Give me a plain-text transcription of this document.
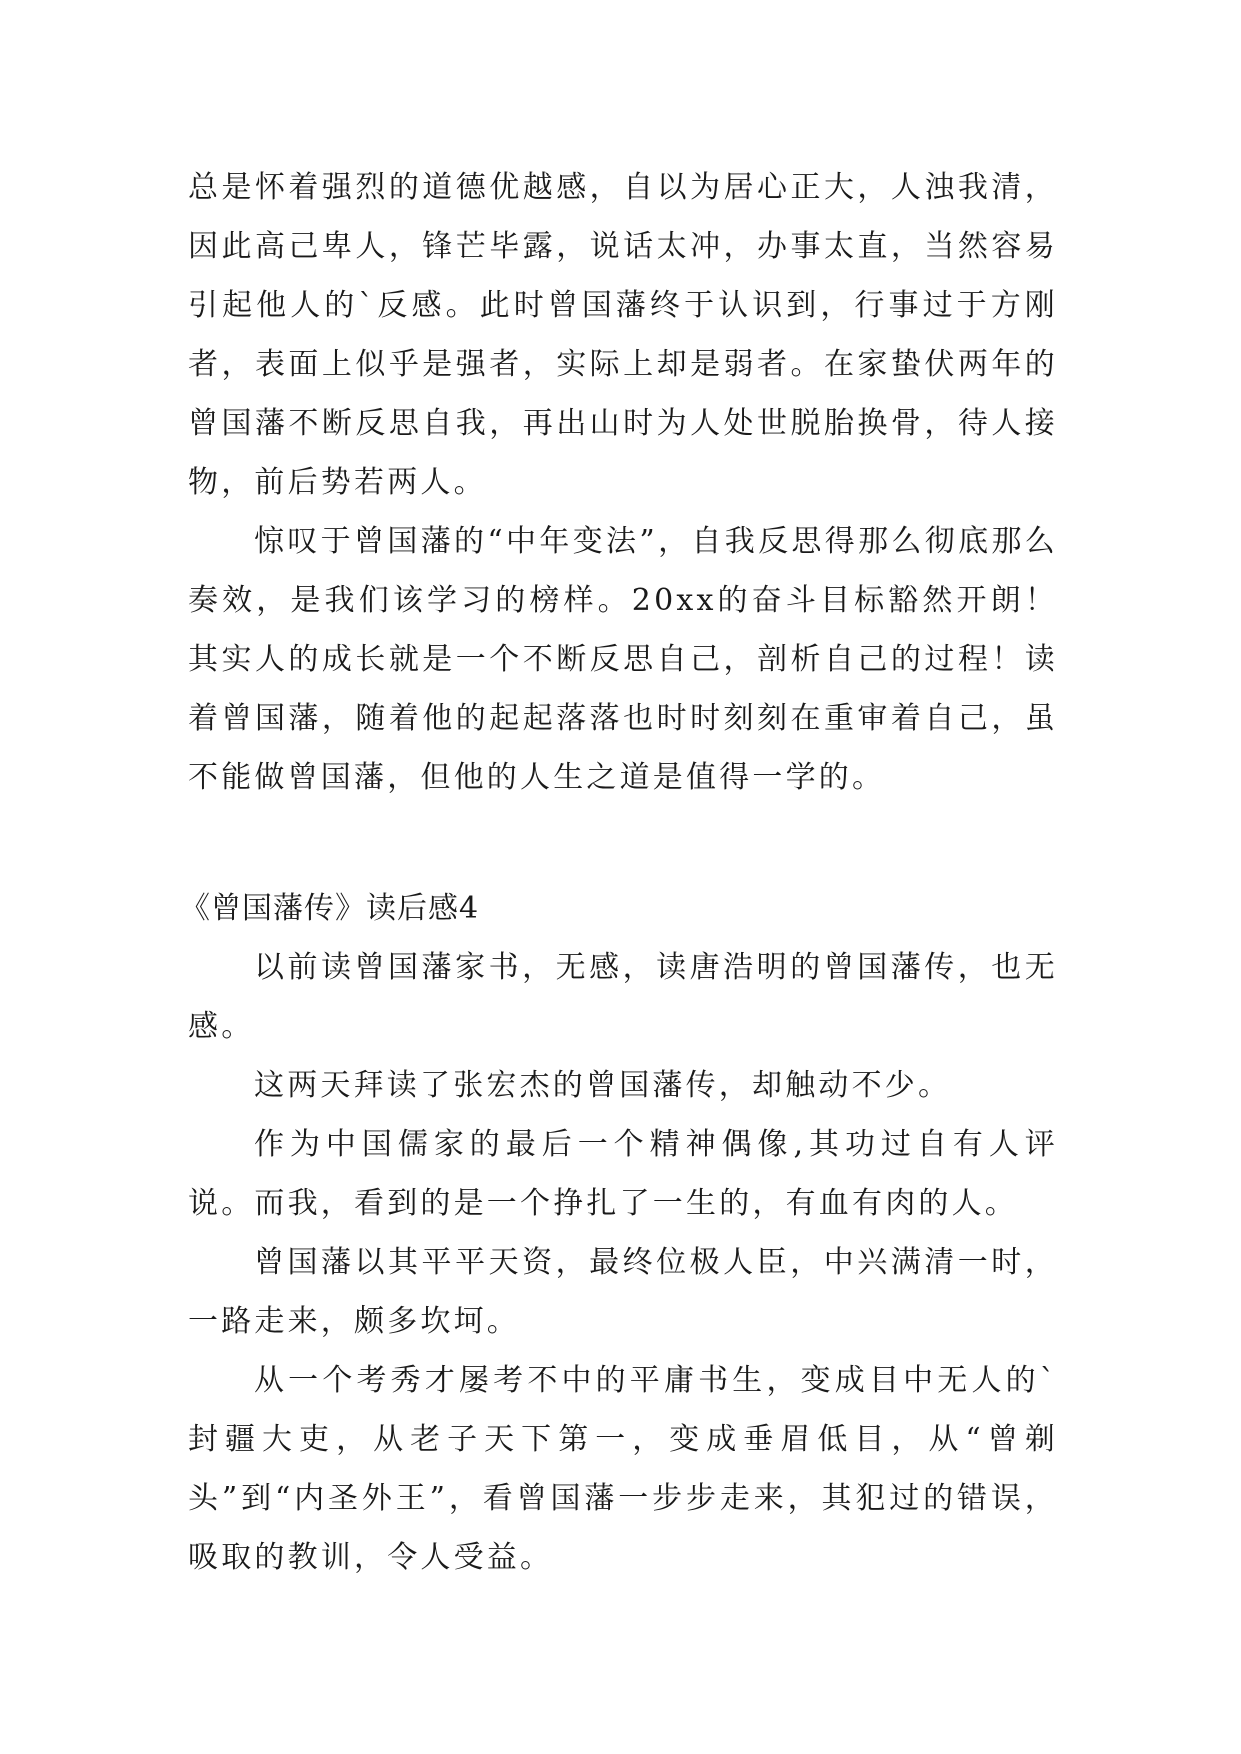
总是怀着强烈的道德优越感，自以为居心正大，人浊我清，因此高己卑人，锋芒毕露，说话太冲，办事太直，当然容易引起他人的`反感。此时曾国藩终于认识到，行事过于方刚者，表面上似乎是强者，实际上却是弱者。在家蛰伏两年的曾国藩不断反思自我，再出山时为人处世脱胎换骨，待人接物，前后势若两人。

惊叹于曾国藩的“中年变法”，自我反思得那么彻底那么奏效，是我们该学习的榜样。20xx的奋斗目标豁然开朗！其实人的成长就是一个不断反思自己，剖析自己的过程！读着曾国藩，随着他的起起落落也时时刻刻在重审着自己，虽不能做曾国藩，但他的人生之道是值得一学的。

《曾国藩传》读后感4

以前读曾国藩家书，无感，读唐浩明的曾国藩传，也无感。

这两天拜读了张宏杰的曾国藩传，却触动不少。

作为中国儒家的最后一个精神偶像,其功过自有人评说。而我，看到的是一个挣扎了一生的，有血有肉的人。

曾国藩以其平平天资，最终位极人臣，中兴满清一时，一路走来，颇多坎坷。

从一个考秀才屡考不中的平庸书生，变成目中无人的`封疆大吏，从老子天下第一，变成垂眉低目，从“曾剃头”到“内圣外王”，看曾国藩一步步走来，其犯过的错误，吸取的教训，令人受益。
